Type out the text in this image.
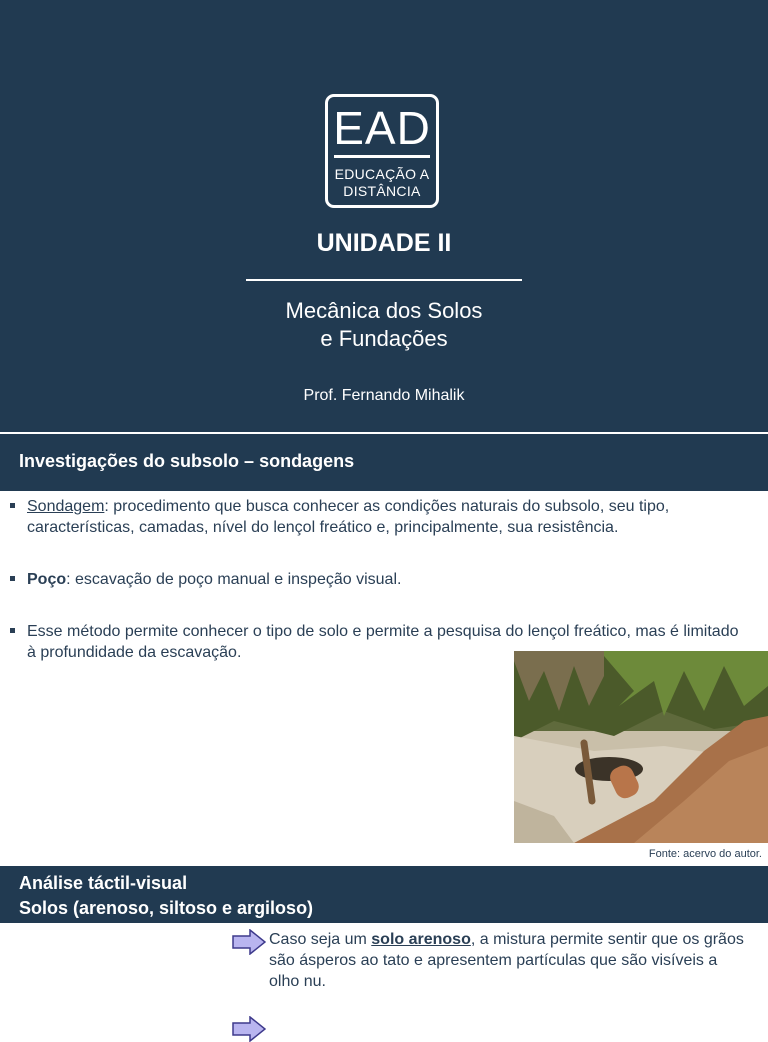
EAD
EDUCAÇÃO A
DISTÂNCIA
UNIDADE II
Mecânica dos Solos
e Fundações
Prof. Fernando Mihalik
Investigações do subsolo – sondagens
Sondagem: procedimento que busca conhecer as condições naturais do subsolo, seu tipo, características, camadas, nível do lençol freático e, principalmente, sua resistência.
Poço: escavação de poço manual e inspeção visual.
Esse método permite conhecer o tipo de solo e permite a pesquisa do lençol freático, mas é limitado à profundidade da escavação.
Fonte: acervo do autor.
Análise táctil-visual
Solos (arenoso, siltoso e argiloso)
Caso seja um solo arenoso, a mistura permite sentir que os grãos são ásperos ao tato e apresentem partículas que são visíveis a olho nu.
